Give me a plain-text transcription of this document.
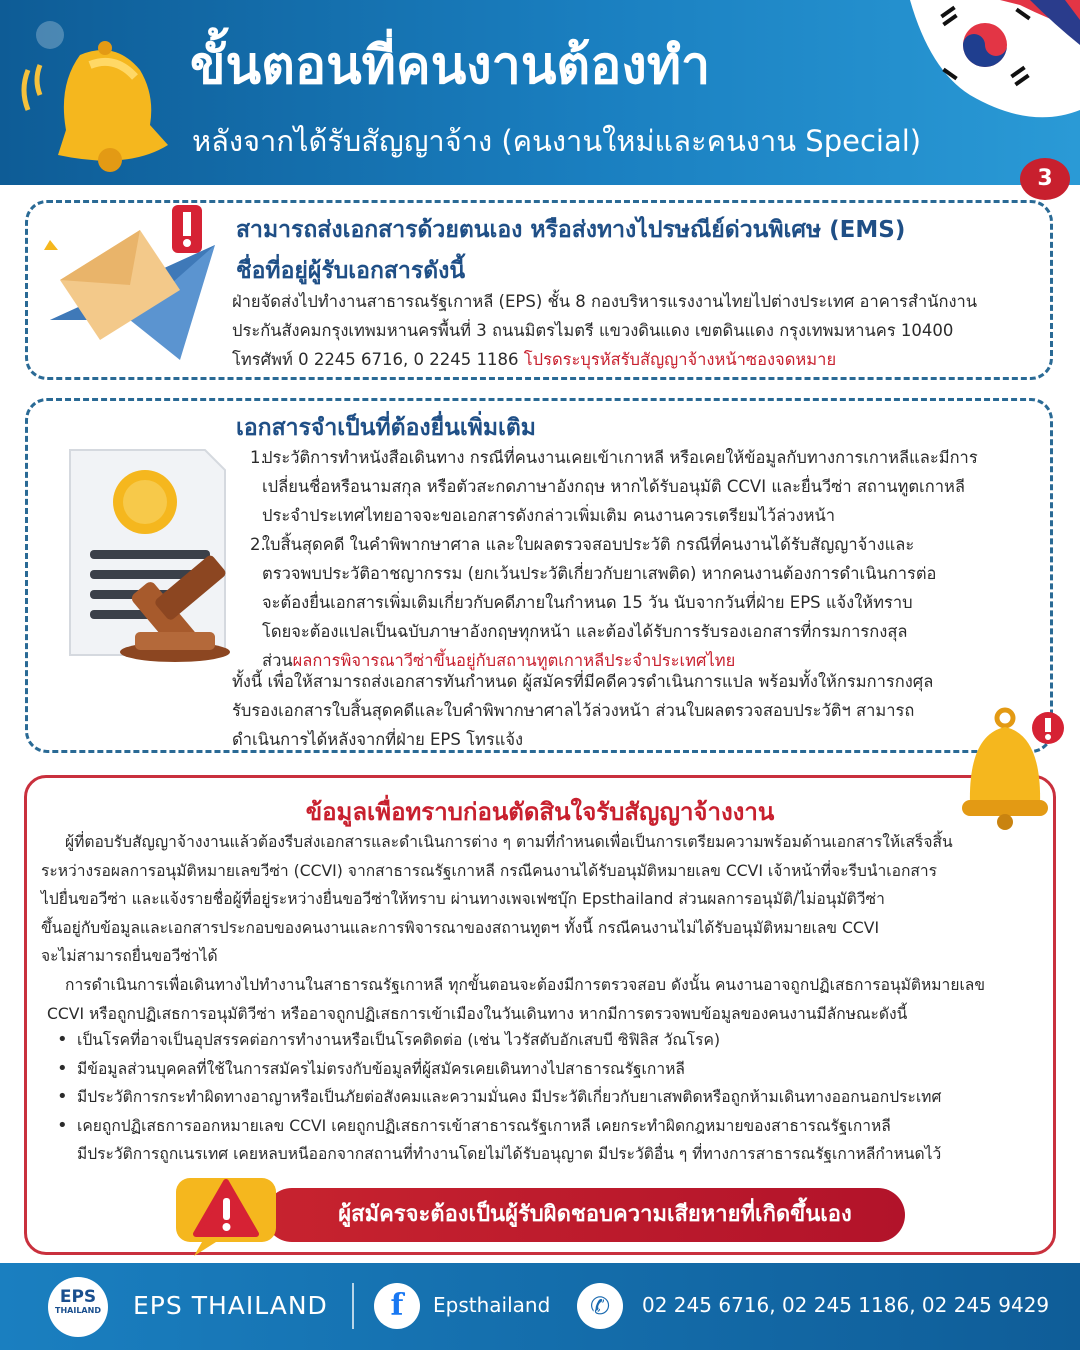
ขั้นตอนที่คนงานต้องทำ
หลังจากได้รับสัญญาจ้าง (คนงานใหม่และคนงาน Special)
3
สามารถส่งเอกสารด้วยตนเอง หรือส่งทางไปรษณีย์ด่วนพิเศษ (EMS)
ชื่อที่อยู่ผู้รับเอกสารดังนี้
ฝ่ายจัดส่งไปทำงานสาธารณรัฐเกาหลี (EPS) ชั้น 8 กองบริหารแรงงานไทยไปต่างประเทศ อาคารสำนักงาน
ประกันสังคมกรุงเทพมหานครพื้นที่ 3 ถนนมิตรไมตรี แขวงดินแดง เขตดินแดง กรุงเทพมหานคร 10400
โทรศัพท์ 0 2245 6716, 0 2245 1186 โปรดระบุรหัสรับสัญญาจ้างหน้าซองจดหมาย
เอกสารจำเป็นที่ต้องยื่นเพิ่มเติม
1.
ประวัติการทำหนังสือเดินทาง กรณีที่คนงานเคยเข้าเกาหลี หรือเคยให้ข้อมูลกับทางการเกาหลีและมีการ
เปลี่ยนชื่อหรือนามสกุล หรือตัวสะกดภาษาอังกฤษ หากได้รับอนุมัติ CCVI และยื่นวีซ่า สถานทูตเกาหลี
ประจำประเทศไทยอาจจะขอเอกสารดังกล่าวเพิ่มเติม คนงานควรเตรียมไว้ล่วงหน้า
2.
ใบสิ้นสุดคดี ในคำพิพากษาศาล และใบผลตรวจสอบประวัติ กรณีที่คนงานได้รับสัญญาจ้างและ
ตรวจพบประวัติอาชญากรรม (ยกเว้นประวัติเกี่ยวกับยาเสพติด) หากคนงานต้องการดำเนินการต่อ
จะต้องยื่นเอกสารเพิ่มเติมเกี่ยวกับคดีภายในกำหนด 15 วัน นับจากวันที่ฝ่าย EPS แจ้งให้ทราบ
โดยจะต้องแปลเป็นฉบับภาษาอังกฤษทุกหน้า และต้องได้รับการรับรองเอกสารที่กรมการกงสุล
ส่วนผลการพิจารณาวีซ่าขึ้นอยู่กับสถานทูตเกาหลีประจำประเทศไทย
ทั้งนี้ เพื่อให้สามารถส่งเอกสารทันกำหนด ผู้สมัครที่มีคดีควรดำเนินการแปล พร้อมทั้งให้กรมการกงศุล
รับรองเอกสารใบสิ้นสุดคดีและใบคำพิพากษาศาลไว้ล่วงหน้า ส่วนใบผลตรวจสอบประวัติฯ สามารถ
ดำเนินการได้หลังจากที่ฝ่าย EPS โทรแจ้ง
ข้อมูลเพื่อทราบก่อนตัดสินใจรับสัญญาจ้างงาน
ผู้ที่ตอบรับสัญญาจ้างงานแล้วต้องรีบส่งเอกสารและดำเนินการต่าง ๆ ตามที่กำหนดเพื่อเป็นการเตรียมความพร้อมด้านเอกสารให้เสร็จสิ้น
ระหว่างรอผลการอนุมัติหมายเลขวีซ่า (CCVI) จากสาธารณรัฐเกาหลี กรณีคนงานได้รับอนุมัติหมายเลข CCVI เจ้าหน้าที่จะรีบนำเอกสาร
ไปยื่นขอวีซ่า และแจ้งรายชื่อผู้ที่อยู่ระหว่างยื่นขอวีซ่าให้ทราบ ผ่านทางเพจเฟซบุ๊ก Epsthailand ส่วนผลการอนุมัติ/ไม่อนุมัติวีซ่า
ขึ้นอยู่กับข้อมูลและเอกสารประกอบของคนงานและการพิจารณาของสถานทูตฯ ทั้งนี้ กรณีคนงานไม่ได้รับอนุมัติหมายเลข CCVI
จะไม่สามารถยื่นขอวีซ่าได้
การดำเนินการเพื่อเดินทางไปทำงานในสาธารณรัฐเกาหลี ทุกขั้นตอนจะต้องมีการตรวจสอบ ดังนั้น คนงานอาจถูกปฏิเสธการอนุมัติหมายเลข
CCVI หรือถูกปฏิเสธการอนุมัติวีซ่า หรืออาจถูกปฏิเสธการเข้าเมืองในวันเดินทาง หากมีการตรวจพบข้อมูลของคนงานมีลักษณะดังนี้
• เป็นโรคที่อาจเป็นอุปสรรคต่อการทำงานหรือเป็นโรคติดต่อ (เช่น ไวรัสตับอักเสบบี ซิฟิลิส วัณโรค)
• มีข้อมูลส่วนบุคคลที่ใช้ในการสมัครไม่ตรงกับข้อมูลที่ผู้สมัครเคยเดินทางไปสาธารณรัฐเกาหลี
• มีประวัติการกระทำผิดทางอาญาหรือเป็นภัยต่อสังคมและความมั่นคง มีประวัติเกี่ยวกับยาเสพติดหรือถูกห้ามเดินทางออกนอกประเทศ
• เคยถูกปฏิเสธการออกหมายเลข CCVI เคยถูกปฏิเสธการเข้าสาธารณรัฐเกาหลี เคยกระทำผิดกฎหมายของสาธารณรัฐเกาหลี
มีประวัติการถูกเนรเทศ เคยหลบหนีออกจากสถานที่ทำงานโดยไม่ได้รับอนุญาต มีประวัติอื่น ๆ ที่ทางการสาธารณรัฐเกาหลีกำหนดไว้
ผู้สมัครจะต้องเป็นผู้รับผิดชอบความเสียหายที่เกิดขึ้นเอง
EPS
THAILAND EPS THAILAND	f	Epsthailand	✆	02 245 6716, 02 245 1186, 02 245 9429
